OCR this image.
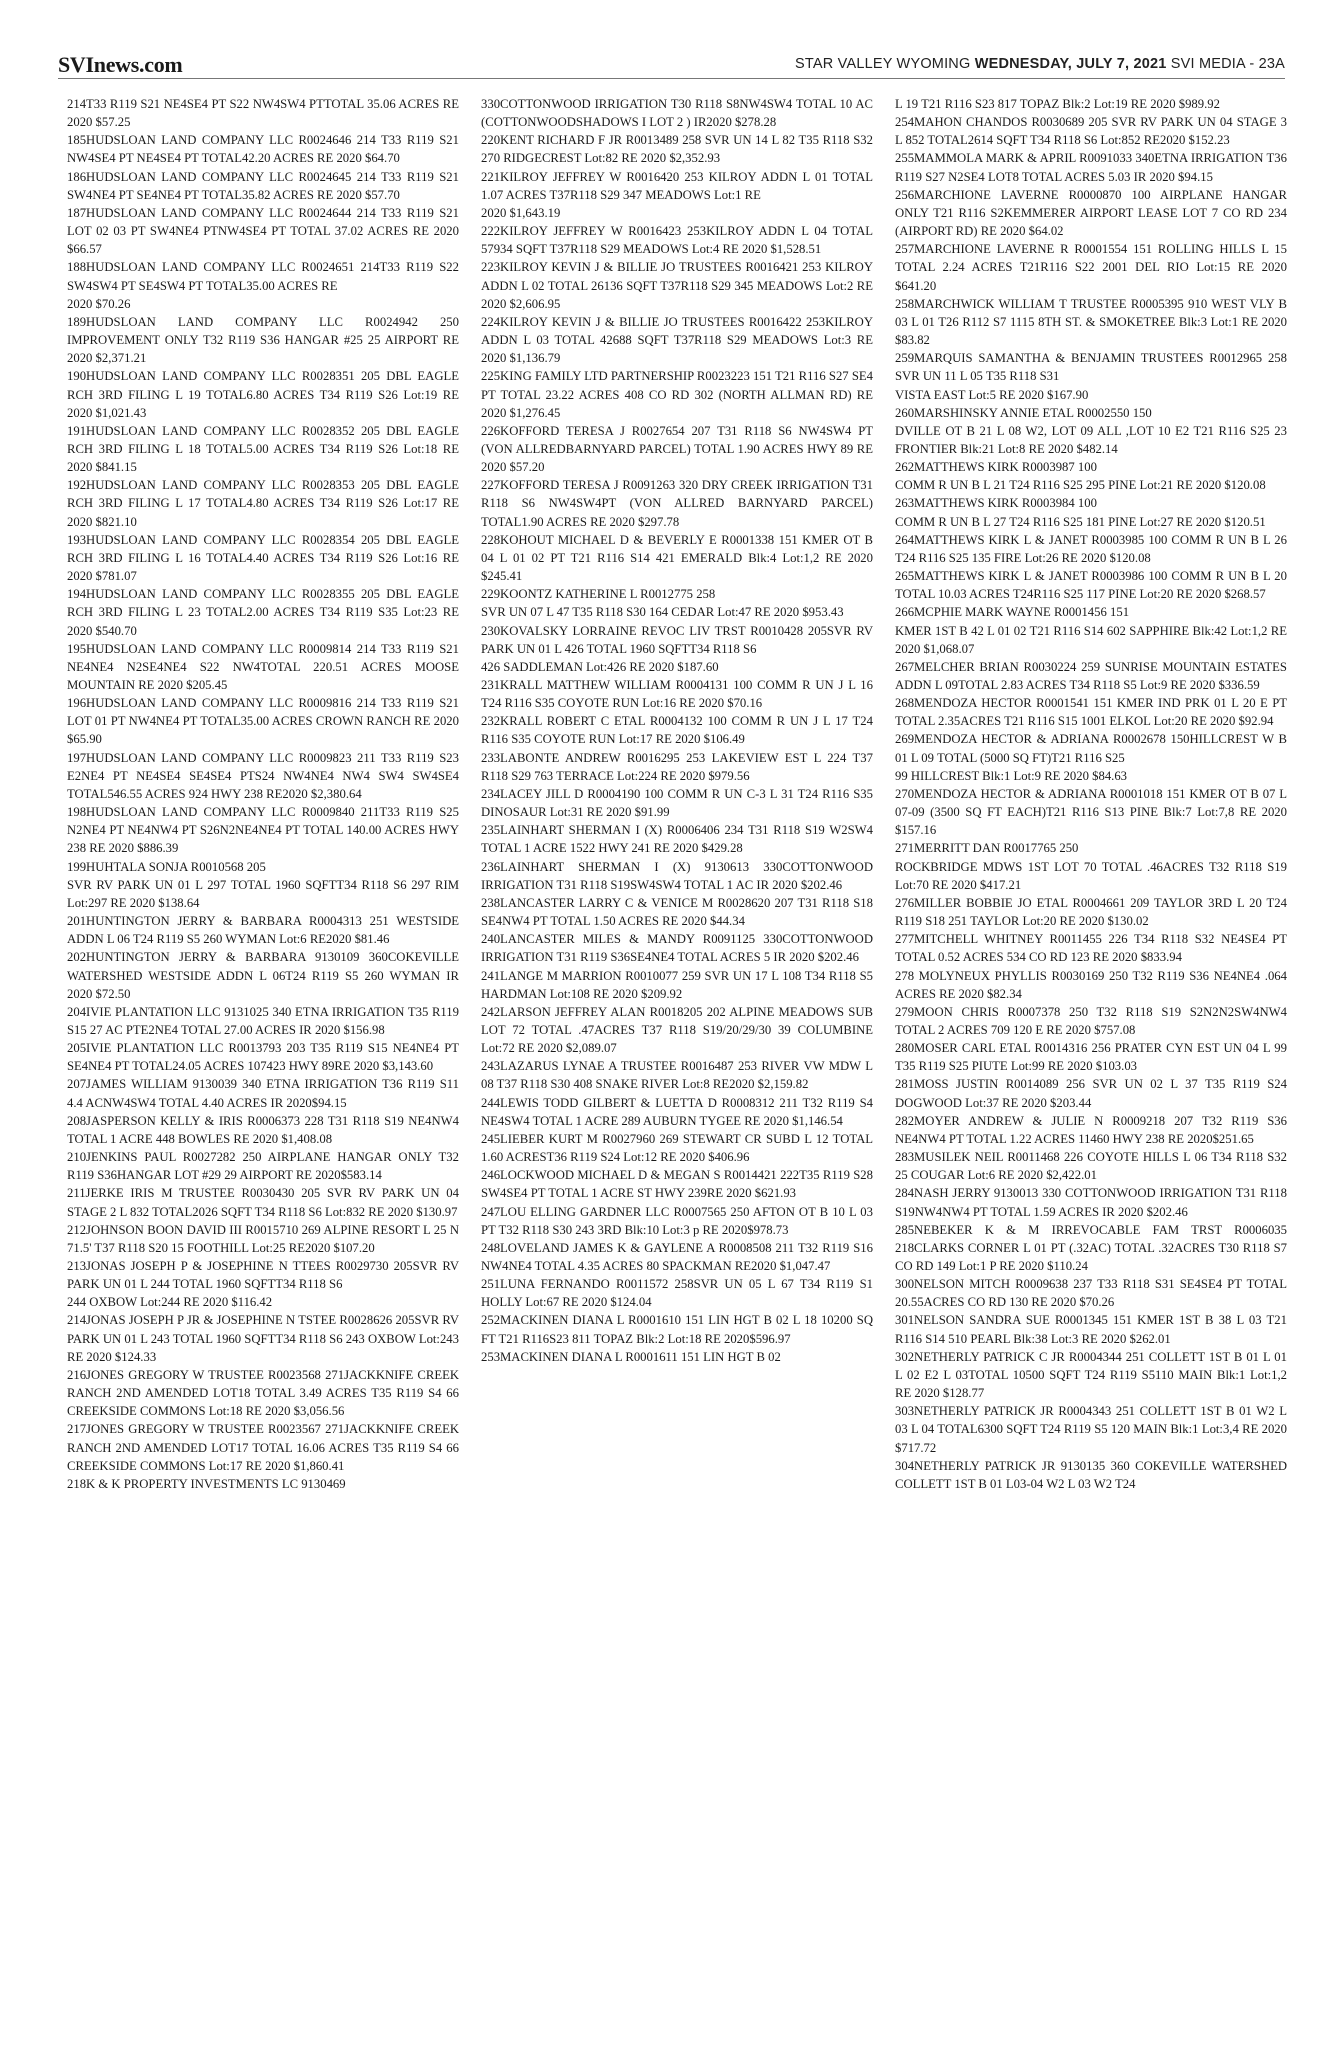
SVInews.com	STAR VALLEY WYOMING WEDNESDAY, JULY 7, 2021 SVI MEDIA - 23A

214T33 R119 S21 NE4SE4 PT S22 NW4SW4 PTTOTAL 35.06 ACRES RE 2020 $57.25

185HUDSLOAN LAND COMPANY LLC R0024646 214 T33 R119 S21 NW4SE4 PT NE4SE4 PT TOTAL42.20 ACRES RE 2020 $64.70

186HUDSLOAN LAND COMPANY LLC R0024645 214 T33 R119 S21 SW4NE4 PT SE4NE4 PT TOTAL35.82 ACRES RE 2020 $57.70

187HUDSLOAN LAND COMPANY LLC R0024644 214 T33 R119 S21 LOT 02 03 PT SW4NE4 PTNW4SE4 PT TOTAL 37.02 ACRES RE 2020 $66.57

188HUDSLOAN LAND COMPANY LLC R0024651 214T33 R119 S22 SW4SW4 PT SE4SW4 PT TOTAL35.00 ACRES RE

2020 $70.26

189HUDSLOAN LAND COMPANY LLC R0024942 250 IMPROVEMENT ONLY T32 R119 S36 HANGAR #25 25 AIRPORT RE 2020 $2,371.21

190HUDSLOAN LAND COMPANY LLC R0028351 205 DBL EAGLE RCH 3RD FILING L 19 TOTAL6.80 ACRES T34 R119 S26 Lot:19 RE 2020 $1,021.43

191HUDSLOAN LAND COMPANY LLC R0028352 205 DBL EAGLE RCH 3RD FILING L 18 TOTAL5.00 ACRES T34 R119 S26 Lot:18 RE 2020 $841.15

192HUDSLOAN LAND COMPANY LLC R0028353 205 DBL EAGLE RCH 3RD FILING L 17 TOTAL4.80 ACRES T34 R119 S26 Lot:17 RE 2020 $821.10

193HUDSLOAN LAND COMPANY LLC R0028354 205 DBL EAGLE RCH 3RD FILING L 16 TOTAL4.40 ACRES T34 R119 S26 Lot:16 RE 2020 $781.07

194HUDSLOAN LAND COMPANY LLC R0028355 205 DBL EAGLE RCH 3RD FILING L 23 TOTAL2.00 ACRES T34 R119 S35 Lot:23 RE 2020 $540.70

195HUDSLOAN LAND COMPANY LLC R0009814 214 T33 R119 S21 NE4NE4 N2SE4NE4 S22 NW4TOTAL 220.51 ACRES MOOSE MOUNTAIN RE 2020 $205.45

196HUDSLOAN LAND COMPANY LLC R0009816 214 T33 R119 S21 LOT 01 PT NW4NE4 PT TOTAL35.00 ACRES CROWN RANCH RE 2020 $65.90

197HUDSLOAN LAND COMPANY LLC R0009823 211 T33 R119 S23 E2NE4 PT NE4SE4 SE4SE4 PTS24 NW4NE4 NW4 SW4 SW4SE4 TOTAL546.55 ACRES 924 HWY 238 RE2020 $2,380.64

198HUDSLOAN LAND COMPANY LLC R0009840 211T33 R119 S25 N2NE4 PT NE4NW4 PT S26N2NE4NE4 PT TOTAL 140.00 ACRES HWY 238 RE 2020 $886.39

199HUHTALA SONJA R0010568 205

SVR RV PARK UN 01 L 297 TOTAL 1960 SQFTT34 R118 S6 297 RIM Lot:297 RE 2020 $138.64

201HUNTINGTON JERRY & BARBARA R0004313 251 WESTSIDE ADDN L 06 T24 R119 S5 260 WYMAN Lot:6 RE2020 $81.46

202HUNTINGTON JERRY & BARBARA 9130109 360COKEVILLE WATERSHED WESTSIDE ADDN L 06T24 R119 S5 260 WYMAN IR 2020 $72.50

204IVIE PLANTATION LLC 9131025 340 ETNA IRRIGATION T35 R119 S15 27 AC PTE2NE4 TOTAL 27.00 ACRES IR 2020 $156.98

205IVIE PLANTATION LLC R0013793 203 T35 R119 S15 NE4NE4 PT SE4NE4 PT TOTAL24.05 ACRES 107423 HWY 89RE 2020 $3,143.60

207JAMES WILLIAM 9130039 340 ETNA IRRIGATION T36 R119 S11 4.4 ACNW4SW4 TOTAL 4.40 ACRES IR 2020$94.15

208JASPERSON KELLY & IRIS R0006373 228 T31 R118 S19 NE4NW4 TOTAL 1 ACRE 448 BOWLES RE 2020 $1,408.08

210JENKINS PAUL R0027282 250 AIRPLANE HANGAR ONLY T32 R119 S36HANGAR LOT #29 29 AIRPORT RE 2020$583.14

211JERKE IRIS M TRUSTEE R0030430 205 SVR RV PARK UN 04 STAGE 2 L 832 TOTAL2026 SQFT T34 R118 S6 Lot:832 RE 2020 $130.97

212JOHNSON BOON DAVID III R0015710 269 ALPINE RESORT L 25 N 71.5' T37 R118 S20 15 FOOTHILL Lot:25 RE2020 $107.20

213JONAS JOSEPH P & JOSEPHINE N TTEES R0029730 205SVR RV PARK UN 01 L 244 TOTAL 1960 SQFTT34 R118 S6

244 OXBOW Lot:244 RE 2020 $116.42

214JONAS JOSEPH P JR & JOSEPHINE N TSTEE R0028626 205SVR RV PARK UN 01 L 243 TOTAL 1960 SQFTT34 R118 S6 243 OXBOW Lot:243 RE 2020 $124.33

216JONES GREGORY W TRUSTEE R0023568 271JACKKNIFE CREEK RANCH 2ND AMENDED LOT18 TOTAL 3.49 ACRES T35 R119 S4 66 CREEKSIDE COMMONS Lot:18 RE 2020 $3,056.56

217JONES GREGORY W TRUSTEE R0023567 271JACKKNIFE CREEK RANCH 2ND AMENDED LOT17 TOTAL 16.06 ACRES T35 R119 S4 66 CREEKSIDE COMMONS Lot:17 RE 2020 $1,860.41

218K & K PROPERTY INVESTMENTS LC 9130469

330COTTONWOOD IRRIGATION T30 R118 S8NW4SW4 TOTAL 10 AC (COTTONWOODSHADOWS I LOT 2 ) IR2020 $278.28

220KENT RICHARD F JR R0013489 258 SVR UN 14 L 82 T35 R118 S32 270 RIDGECREST Lot:82 RE 2020 $2,352.93

221KILROY JEFFREY W R0016420 253 KILROY ADDN L 01 TOTAL 1.07 ACRES T37R118 S29 347 MEADOWS Lot:1 RE

2020 $1,643.19

222KILROY JEFFREY W R0016423 253KILROY ADDN L 04 TOTAL 57934 SQFT T37R118 S29 MEADOWS Lot:4 RE 2020 $1,528.51

223KILROY KEVIN J & BILLIE JO TRUSTEES R0016421 253 KILROY ADDN L 02 TOTAL 26136 SQFT T37R118 S29 345 MEADOWS Lot:2 RE 2020 $2,606.95

224KILROY KEVIN J & BILLIE JO TRUSTEES R0016422 253KILROY ADDN L 03 TOTAL 42688 SQFT T37R118 S29 MEADOWS Lot:3 RE 2020 $1,136.79

225KING FAMILY LTD PARTNERSHIP R0023223 151 T21 R116 S27 SE4 PT TOTAL 23.22 ACRES 408 CO RD 302 (NORTH ALLMAN RD) RE 2020 $1,276.45

226KOFFORD TERESA J R0027654 207 T31 R118 S6 NW4SW4 PT (VON ALLREDBARNYARD PARCEL) TOTAL 1.90 ACRES HWY 89 RE 2020 $57.20

227KOFFORD TERESA J R0091263 320 DRY CREEK IRRIGATION T31 R118 S6 NW4SW4PT (VON ALLRED BARNYARD PARCEL) TOTAL1.90 ACRES RE 2020 $297.78

228KOHOUT MICHAEL D & BEVERLY E R0001338 151 KMER OT B 04 L 01 02 PT T21 R116 S14 421 EMERALD Blk:4 Lot:1,2 RE 2020 $245.41

229KOONTZ KATHERINE L R0012775 258

SVR UN 07 L 47 T35 R118 S30 164 CEDAR Lot:47 RE 2020 $953.43

230KOVALSKY LORRAINE REVOC LIV TRST R0010428 205SVR RV PARK UN 01 L 426 TOTAL 1960 SQFTT34 R118 S6

426 SADDLEMAN Lot:426 RE 2020 $187.60

231KRALL MATTHEW WILLIAM R0004131 100 COMM R UN J L 16 T24 R116 S35 COYOTE RUN Lot:16 RE 2020 $70.16

232KRALL ROBERT C ETAL R0004132 100 COMM R UN J L 17 T24 R116 S35 COYOTE RUN Lot:17 RE 2020 $106.49

233LABONTE ANDREW R0016295 253 LAKEVIEW EST L 224 T37 R118 S29 763 TERRACE Lot:224 RE 2020 $979.56

234LACEY JILL D R0004190 100 COMM R UN C-3 L 31 T24 R116 S35 DINOSAUR Lot:31 RE 2020 $91.99

235LAINHART SHERMAN I (X) R0006406 234 T31 R118 S19 W2SW4 TOTAL 1 ACRE 1522 HWY 241 RE 2020 $429.28

236LAINHART SHERMAN I (X) 9130613 330COTTONWOOD IRRIGATION T31 R118 S19SW4SW4 TOTAL 1 AC IR 2020 $202.46

238LANCASTER LARRY C & VENICE M R0028620 207 T31 R118 S18 SE4NW4 PT TOTAL 1.50 ACRES RE 2020 $44.34

240LANCASTER MILES & MANDY R0091125 330COTTONWOOD IRRIGATION T31 R119 S36SE4NE4 TOTAL ACRES 5 IR 2020 $202.46

241LANGE M MARRION R0010077 259 SVR UN 17 L 108 T34 R118 S5 HARDMAN Lot:108 RE 2020 $209.92

242LARSON JEFFREY ALAN R0018205 202 ALPINE MEADOWS SUB LOT 72 TOTAL .47ACRES T37 R118 S19/20/29/30 39 COLUMBINE Lot:72 RE 2020 $2,089.07

243LAZARUS LYNAE A TRUSTEE R0016487 253 RIVER VW MDW L 08 T37 R118 S30 408 SNAKE RIVER Lot:8 RE2020 $2,159.82

244LEWIS TODD GILBERT & LUETTA D R0008312 211 T32 R119 S4 NE4SW4 TOTAL 1 ACRE 289 AUBURN TYGEE RE 2020 $1,146.54

245LIEBER KURT M R0027960 269 STEWART CR SUBD L 12 TOTAL 1.60 ACREST36 R119 S24 Lot:12 RE 2020 $406.96

246LOCKWOOD MICHAEL D & MEGAN S R0014421 222T35 R119 S28 SW4SE4 PT TOTAL 1 ACRE ST HWY 239RE 2020 $621.93

247LOU ELLING GARDNER LLC R0007565 250 AFTON OT B 10 L 03 PT T32 R118 S30 243 3RD Blk:10 Lot:3 p RE 2020$978.73

248LOVELAND JAMES K & GAYLENE A R0008508 211 T32 R119 S16 NW4NE4 TOTAL 4.35 ACRES 80 SPACKMAN RE2020 $1,047.47

251LUNA FERNANDO R0011572 258SVR UN 05 L 67 T34 R119 S1 HOLLY Lot:67 RE 2020 $124.04

252MACKINEN DIANA L R0001610 151 LIN HGT B 02 L 18 10200 SQ FT T21 R116S23 811 TOPAZ Blk:2 Lot:18 RE 2020$596.97

253MACKINEN DIANA L R0001611 151 LIN HGT B 02

L 19 T21 R116 S23 817 TOPAZ Blk:2 Lot:19 RE 2020 $989.92

254MAHON CHANDOS R0030689 205 SVR RV PARK UN 04 STAGE 3 L 852 TOTAL2614 SQFT T34 R118 S6 Lot:852 RE2020 $152.23

255MAMMOLA MARK & APRIL R0091033 340ETNA IRRIGATION T36 R119 S27 N2SE4 LOT8 TOTAL ACRES 5.03 IR 2020 $94.15

256MARCHIONE LAVERNE R0000870 100 AIRPLANE HANGAR ONLY T21 R116 S2KEMMERER AIRPORT LEASE LOT 7 CO RD 234 (AIRPORT RD) RE 2020 $64.02

257MARCHIONE LAVERNE R R0001554 151 ROLLING HILLS L 15 TOTAL 2.24 ACRES T21R116 S22 2001 DEL RIO Lot:15 RE 2020 $641.20

258MARCHWICK WILLIAM T TRUSTEE R0005395 910 WEST VLY B 03 L 01 T26 R112 S7 1115 8TH ST. & SMOKETREE Blk:3 Lot:1 RE 2020 $83.82

259MARQUIS SAMANTHA & BENJAMIN TRUSTEES R0012965 258 SVR UN 11 L 05 T35 R118 S31

VISTA EAST Lot:5 RE 2020 $167.90

260MARSHINSKY ANNIE ETAL R0002550 150

DVILLE OT B 21 L 08 W2, LOT 09 ALL ,LOT 10 E2 T21 R116 S25 23 FRONTIER Blk:21 Lot:8 RE 2020 $482.14

262MATTHEWS KIRK R0003987 100

COMM R UN B L 21 T24 R116 S25 295 PINE Lot:21 RE 2020 $120.08

263MATTHEWS KIRK R0003984 100

COMM R UN B L 27 T24 R116 S25 181 PINE Lot:27 RE 2020 $120.51

264MATTHEWS KIRK L & JANET R0003985 100 COMM R UN B L 26 T24 R116 S25 135 FIRE Lot:26 RE 2020 $120.08

265MATTHEWS KIRK L & JANET R0003986 100 COMM R UN B L 20 TOTAL 10.03 ACRES T24R116 S25 117 PINE Lot:20 RE 2020 $268.57

266MCPHIE MARK WAYNE R0001456 151

KMER 1ST B 42 L 01 02 T21 R116 S14 602 SAPPHIRE Blk:42 Lot:1,2 RE 2020 $1,068.07

267MELCHER BRIAN R0030224 259 SUNRISE MOUNTAIN ESTATES ADDN L 09TOTAL 2.83 ACRES T34 R118 S5 Lot:9 RE 2020 $336.59

268MENDOZA HECTOR R0001541 151 KMER IND PRK 01 L 20 E PT TOTAL 2.35ACRES T21 R116 S15 1001 ELKOL Lot:20 RE 2020 $92.94

269MENDOZA HECTOR & ADRIANA R0002678 150HILLCREST W B 01 L 09 TOTAL (5000 SQ FT)T21 R116 S25

99 HILLCREST Blk:1 Lot:9 RE 2020 $84.63

270MENDOZA HECTOR & ADRIANA R0001018 151 KMER OT B 07 L 07-09 (3500 SQ FT EACH)T21 R116 S13 PINE Blk:7 Lot:7,8 RE 2020 $157.16

271MERRITT DAN R0017765 250

ROCKBRIDGE MDWS 1ST LOT 70 TOTAL .46ACRES T32 R118 S19 Lot:70 RE 2020 $417.21

276MILLER BOBBIE JO ETAL R0004661 209 TAYLOR 3RD L 20 T24 R119 S18 251 TAYLOR Lot:20 RE 2020 $130.02

277MITCHELL WHITNEY R0011455 226 T34 R118 S32 NE4SE4 PT TOTAL 0.52 ACRES 534 CO RD 123 RE 2020 $833.94

278 MOLYNEUX PHYLLIS R0030169 250 T32 R119 S36 NE4NE4 .064 ACRES RE 2020 $82.34

279MOON CHRIS R0007378 250 T32 R118 S19 S2N2N2SW4NW4 TOTAL 2 ACRES 709 120 E RE 2020 $757.08

280MOSER CARL ETAL R0014316 256 PRATER CYN EST UN 04 L 99 T35 R119 S25 PIUTE Lot:99 RE 2020 $103.03

281MOSS JUSTIN R0014089 256 SVR UN 02 L 37 T35 R119 S24 DOGWOOD Lot:37 RE 2020 $203.44

282MOYER ANDREW & JULIE N R0009218 207 T32 R119 S36 NE4NW4 PT TOTAL 1.22 ACRES 11460 HWY 238 RE 2020$251.65

283MUSILEK NEIL R0011468 226 COYOTE HILLS L 06 T34 R118 S32 25 COUGAR Lot:6 RE 2020 $2,422.01

284NASH JERRY 9130013 330 COTTONWOOD IRRIGATION T31 R118 S19NW4NW4 PT TOTAL 1.59 ACRES IR 2020 $202.46

285NEBEKER K & M IRREVOCABLE FAM TRST R0006035 218CLARKS CORNER L 01 PT (.32AC) TOTAL .32ACRES T30 R118 S7 CO RD 149 Lot:1 P RE 2020 $110.24

300NELSON MITCH R0009638 237 T33 R118 S31 SE4SE4 PT TOTAL 20.55ACRES CO RD 130 RE 2020 $70.26

301NELSON SANDRA SUE R0001345 151 KMER 1ST B 38 L 03 T21 R116 S14 510 PEARL Blk:38 Lot:3 RE 2020 $262.01

302NETHERLY PATRICK C JR R0004344 251 COLLETT 1ST B 01 L 01 L 02 E2 L 03TOTAL 10500 SQFT T24 R119 S5110 MAIN Blk:1 Lot:1,2 RE 2020 $128.77

303NETHERLY PATRICK JR R0004343 251 COLLETT 1ST B 01 W2 L 03 L 04 TOTAL6300 SQFT T24 R119 S5 120 MAIN Blk:1 Lot:3,4 RE 2020 $717.72

304NETHERLY PATRICK JR 9130135 360 COKEVILLE WATERSHED COLLETT 1ST B 01 L03-04 W2 L 03 W2 T24
